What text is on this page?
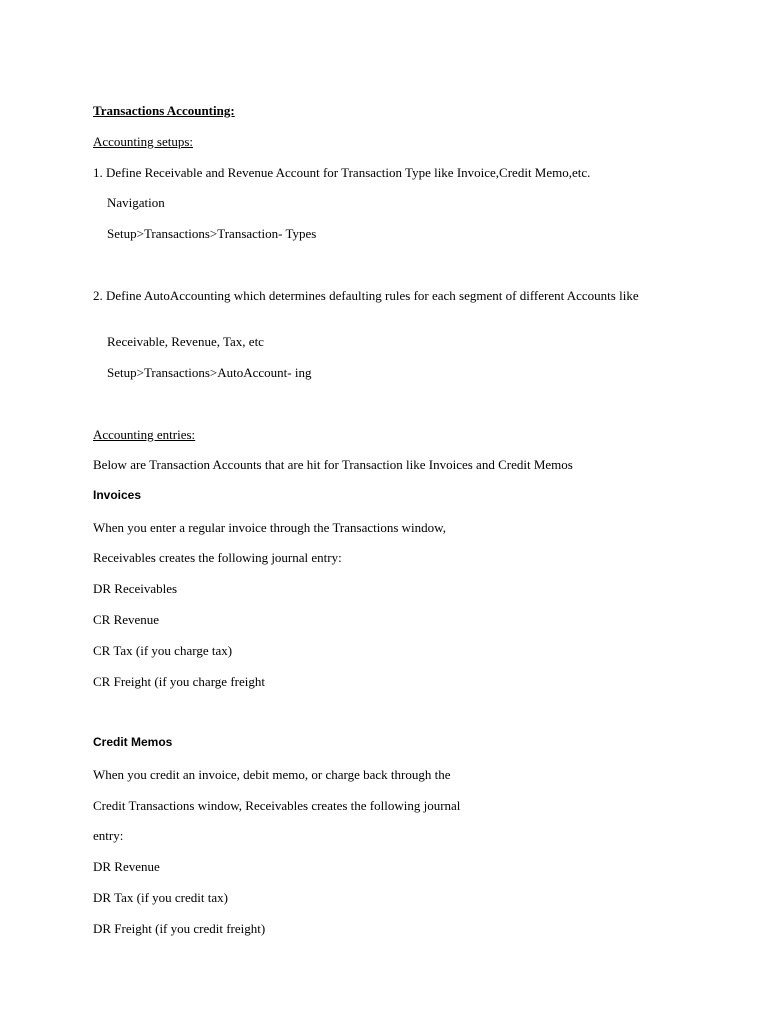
Transactions Accounting:
Accounting setups:
1. Define Receivable and Revenue Account for Transaction Type like Invoice,Credit Memo,etc.
Navigation
Setup>Transactions>Transaction- Types
2. Define AutoAccounting which determines defaulting rules for each segment of different Accounts like
Receivable, Revenue, Tax, etc
Setup>Transactions>AutoAccount- ing
Accounting entries:
Below are Transaction Accounts that are hit for Transaction like Invoices and Credit Memos
Invoices
When you enter a regular invoice through the Transactions window,
Receivables creates the following journal entry:
DR Receivables
CR Revenue
CR Tax (if you charge tax)
CR Freight (if you charge freight
Credit Memos
When you credit an invoice, debit memo, or charge back through the
Credit Transactions window, Receivables creates the following journal
entry:
DR Revenue
DR Tax (if you credit tax)
DR Freight (if you credit freight)
